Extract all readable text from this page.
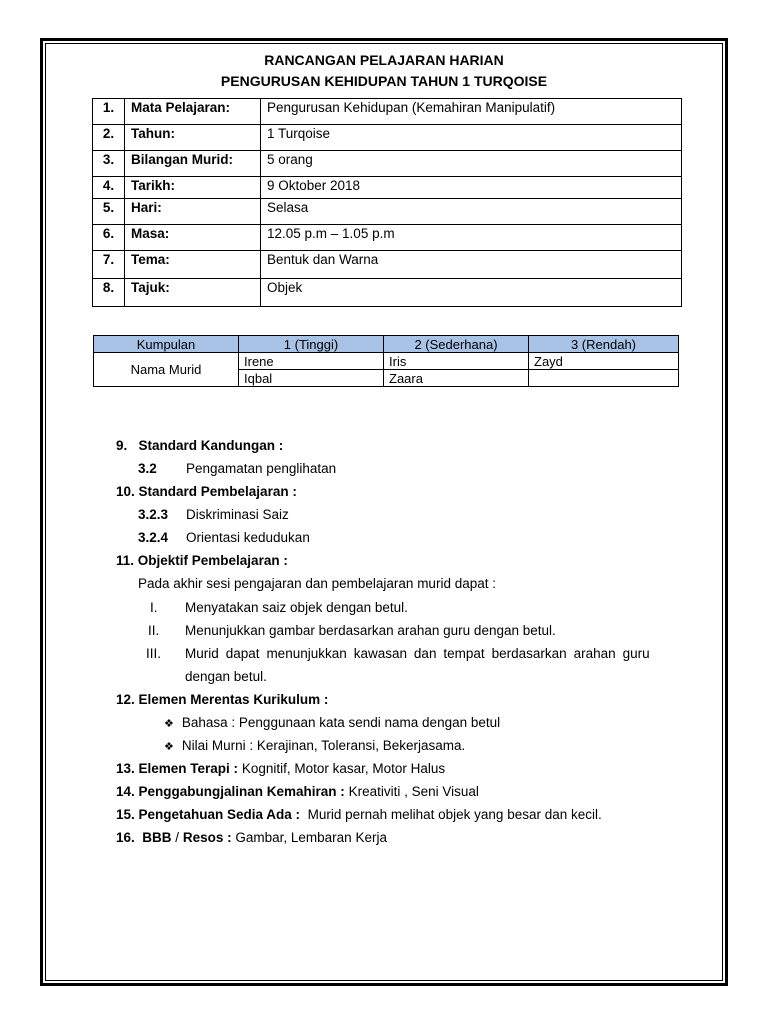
RANCANGAN PELAJARAN HARIAN
PENGURUSAN KEHIDUPAN TAHUN 1 TURQOISE
1.	Mata Pelajaran:	Pengurusan Kehidupan (Kemahiran Manipulatif)
2.	Tahun:	1 Turqoise
3.	Bilangan Murid:	5 orang
4.	Tarikh:	9 Oktober 2018
5.	Hari:	Selasa
6.	Masa:	12.05 p.m – 1.05 p.m
7.	Tema:	Bentuk dan Warna
8.	Tajuk:	Objek
Kumpulan	1 (Tinggi)	2 (Sederhana)	3 (Rendah)
Nama Murid	Irene	Iris	Zayd
	Iqbal	Zaara	
9.   Standard Kandungan :
3.2 Pengamatan penglihatan
10. Standard Pembelajaran :
3.2.3 Diskriminasi Saiz
3.2.4 Orientasi kedudukan
11. Objektif Pembelajaran :
Pada akhir sesi pengajaran dan pembelajaran murid dapat :
I. Menyatakan saiz objek dengan betul.
II. Menunjukkan gambar berdasarkan arahan guru dengan betul.
III. Murid dapat menunjukkan kawasan dan tempat berdasarkan arahan guru
dengan betul.
12. Elemen Merentas Kurikulum :
❖ Bahasa : Penggunaan kata sendi nama dengan betul
❖ Nilai Murni : Kerajinan, Toleransi, Bekerjasama.
13. Elemen Terapi : Kognitif, Motor kasar, Motor Halus
14. Penggabungjalinan Kemahiran : Kreativiti , Seni Visual
15. Pengetahuan Sedia Ada : Murid pernah melihat objek yang besar dan kecil.
16.  BBB / Resos : Gambar, Lembaran Kerja
